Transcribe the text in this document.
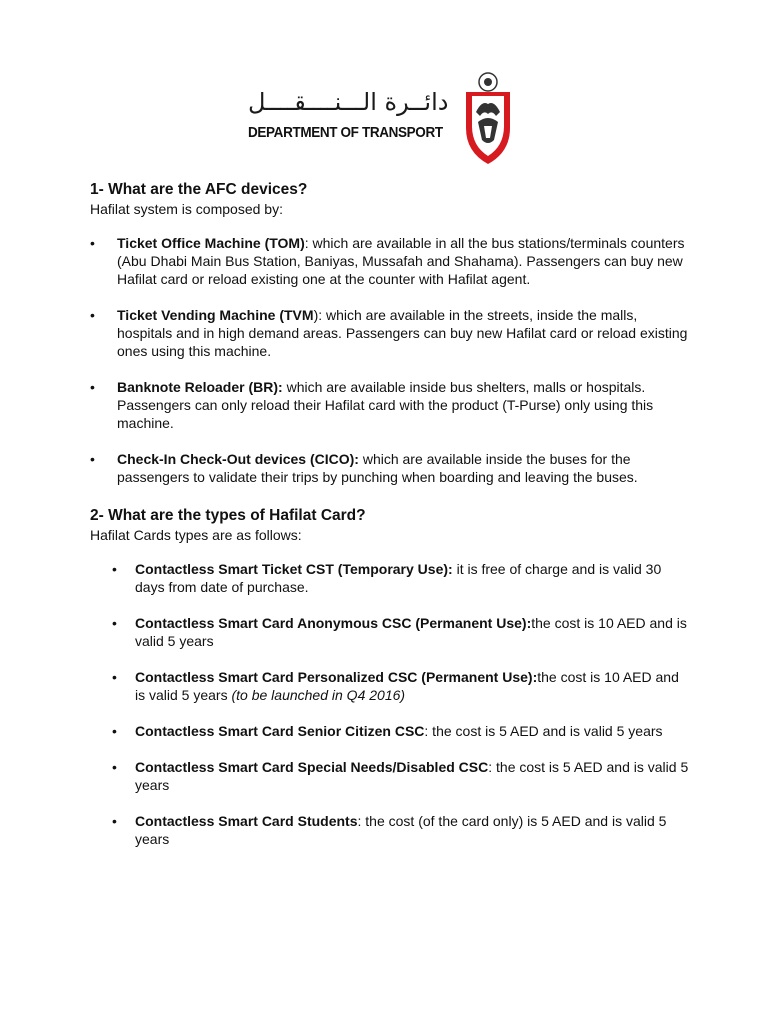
دائــرة الـــنــــقــــل
DEPARTMENT OF TRANSPORT
1- What are the AFC devices?

Hafilat system is composed by:

• Ticket Office Machine (TOM): which are available in all the bus stations/terminals counters (Abu Dhabi Main Bus Station, Baniyas, Mussafah and Shahama). Passengers can buy new Hafilat card or reload existing one at the counter with Hafilat agent.
• Ticket Vending Machine (TVM): which are available in the streets, inside the malls, hospitals and in high demand areas. Passengers can buy new Hafilat card or reload existing ones using this machine.
• Banknote Reloader (BR): which are available inside bus shelters, malls or hospitals. Passengers can only reload their Hafilat card with the product (T-Purse) only using this machine.
• Check-In Check-Out devices (CICO): which are available inside the buses for the passengers to validate their trips by punching when boarding and leaving the buses.
2- What are the types of Hafilat Card?

Hafilat Cards types are as follows:

• Contactless Smart Ticket CST (Temporary Use): it is free of charge and is valid 30 days from date of purchase.
• Contactless Smart Card Anonymous CSC (Permanent Use):the cost is 10 AED and is valid 5 years
• Contactless Smart Card Personalized CSC (Permanent Use):the cost is 10 AED and is valid 5 years (to be launched in Q4 2016)
• Contactless Smart Card Senior Citizen CSC: the cost is 5 AED and is valid 5 years
• Contactless Smart Card Special Needs/Disabled CSC: the cost is 5 AED and is valid 5 years
• Contactless Smart Card Students: the cost (of the card only) is 5 AED and is valid 5 years
